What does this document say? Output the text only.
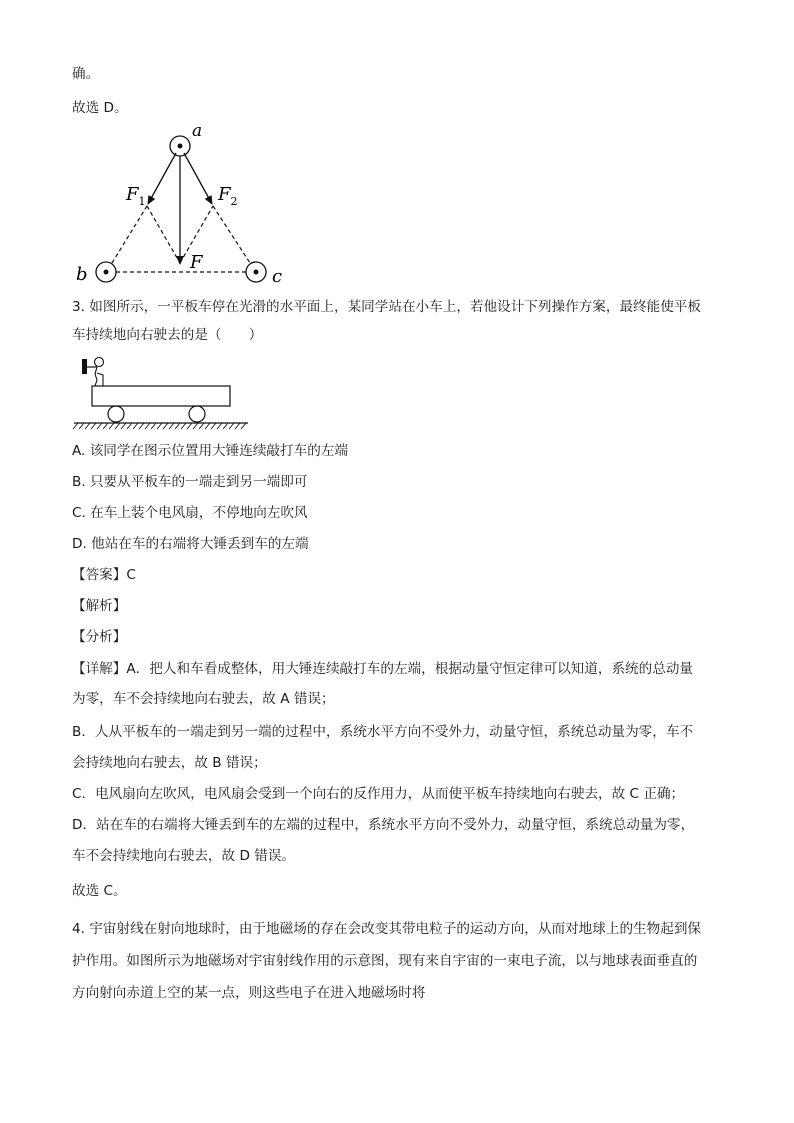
确。
故选 D。
a
b	c
F
$F_1$	$F_2$
3. 如图所示，一平板车停在光滑的水平面上，某同学站在小车上，若他设计下列操作方案，最终能使平板
车持续地向右驶去的是（　　）
A. 该同学在图示位置用大锤连续敲打车的左端
B. 只要从平板车的一端走到另一端即可
C. 在车上装个电风扇，不停地向左吹风
D. 他站在车的右端将大锤丢到车的左端
【答案】C
【解析】
【分析】
【详解】A．把人和车看成整体，用大锤连续敲打车的左端，根据动量守恒定律可以知道，系统的总动量
为零，车不会持续地向右驶去，故 A 错误；
B．人从平板车的一端走到另一端的过程中，系统水平方向不受外力，动量守恒，系统总动量为零，车不
会持续地向右驶去，故 B 错误；
C．电风扇向左吹风，电风扇会受到一个向右的反作用力，从而使平板车持续地向右驶去，故 C 正确；
D．站在车的右端将大锤丢到车的左端的过程中，系统水平方向不受外力，动量守恒，系统总动量为零，
车不会持续地向右驶去，故 D 错误。
故选 C。
4. 宇宙射线在射向地球时，由于地磁场的存在会改变其带电粒子的运动方向，从而对地球上的生物起到保
护作用。如图所示为地磁场对宇宙射线作用的示意图，现有来自宇宙的一束电子流，以与地球表面垂直的
方向射向赤道上空的某一点，则这些电子在进入地磁场时将
